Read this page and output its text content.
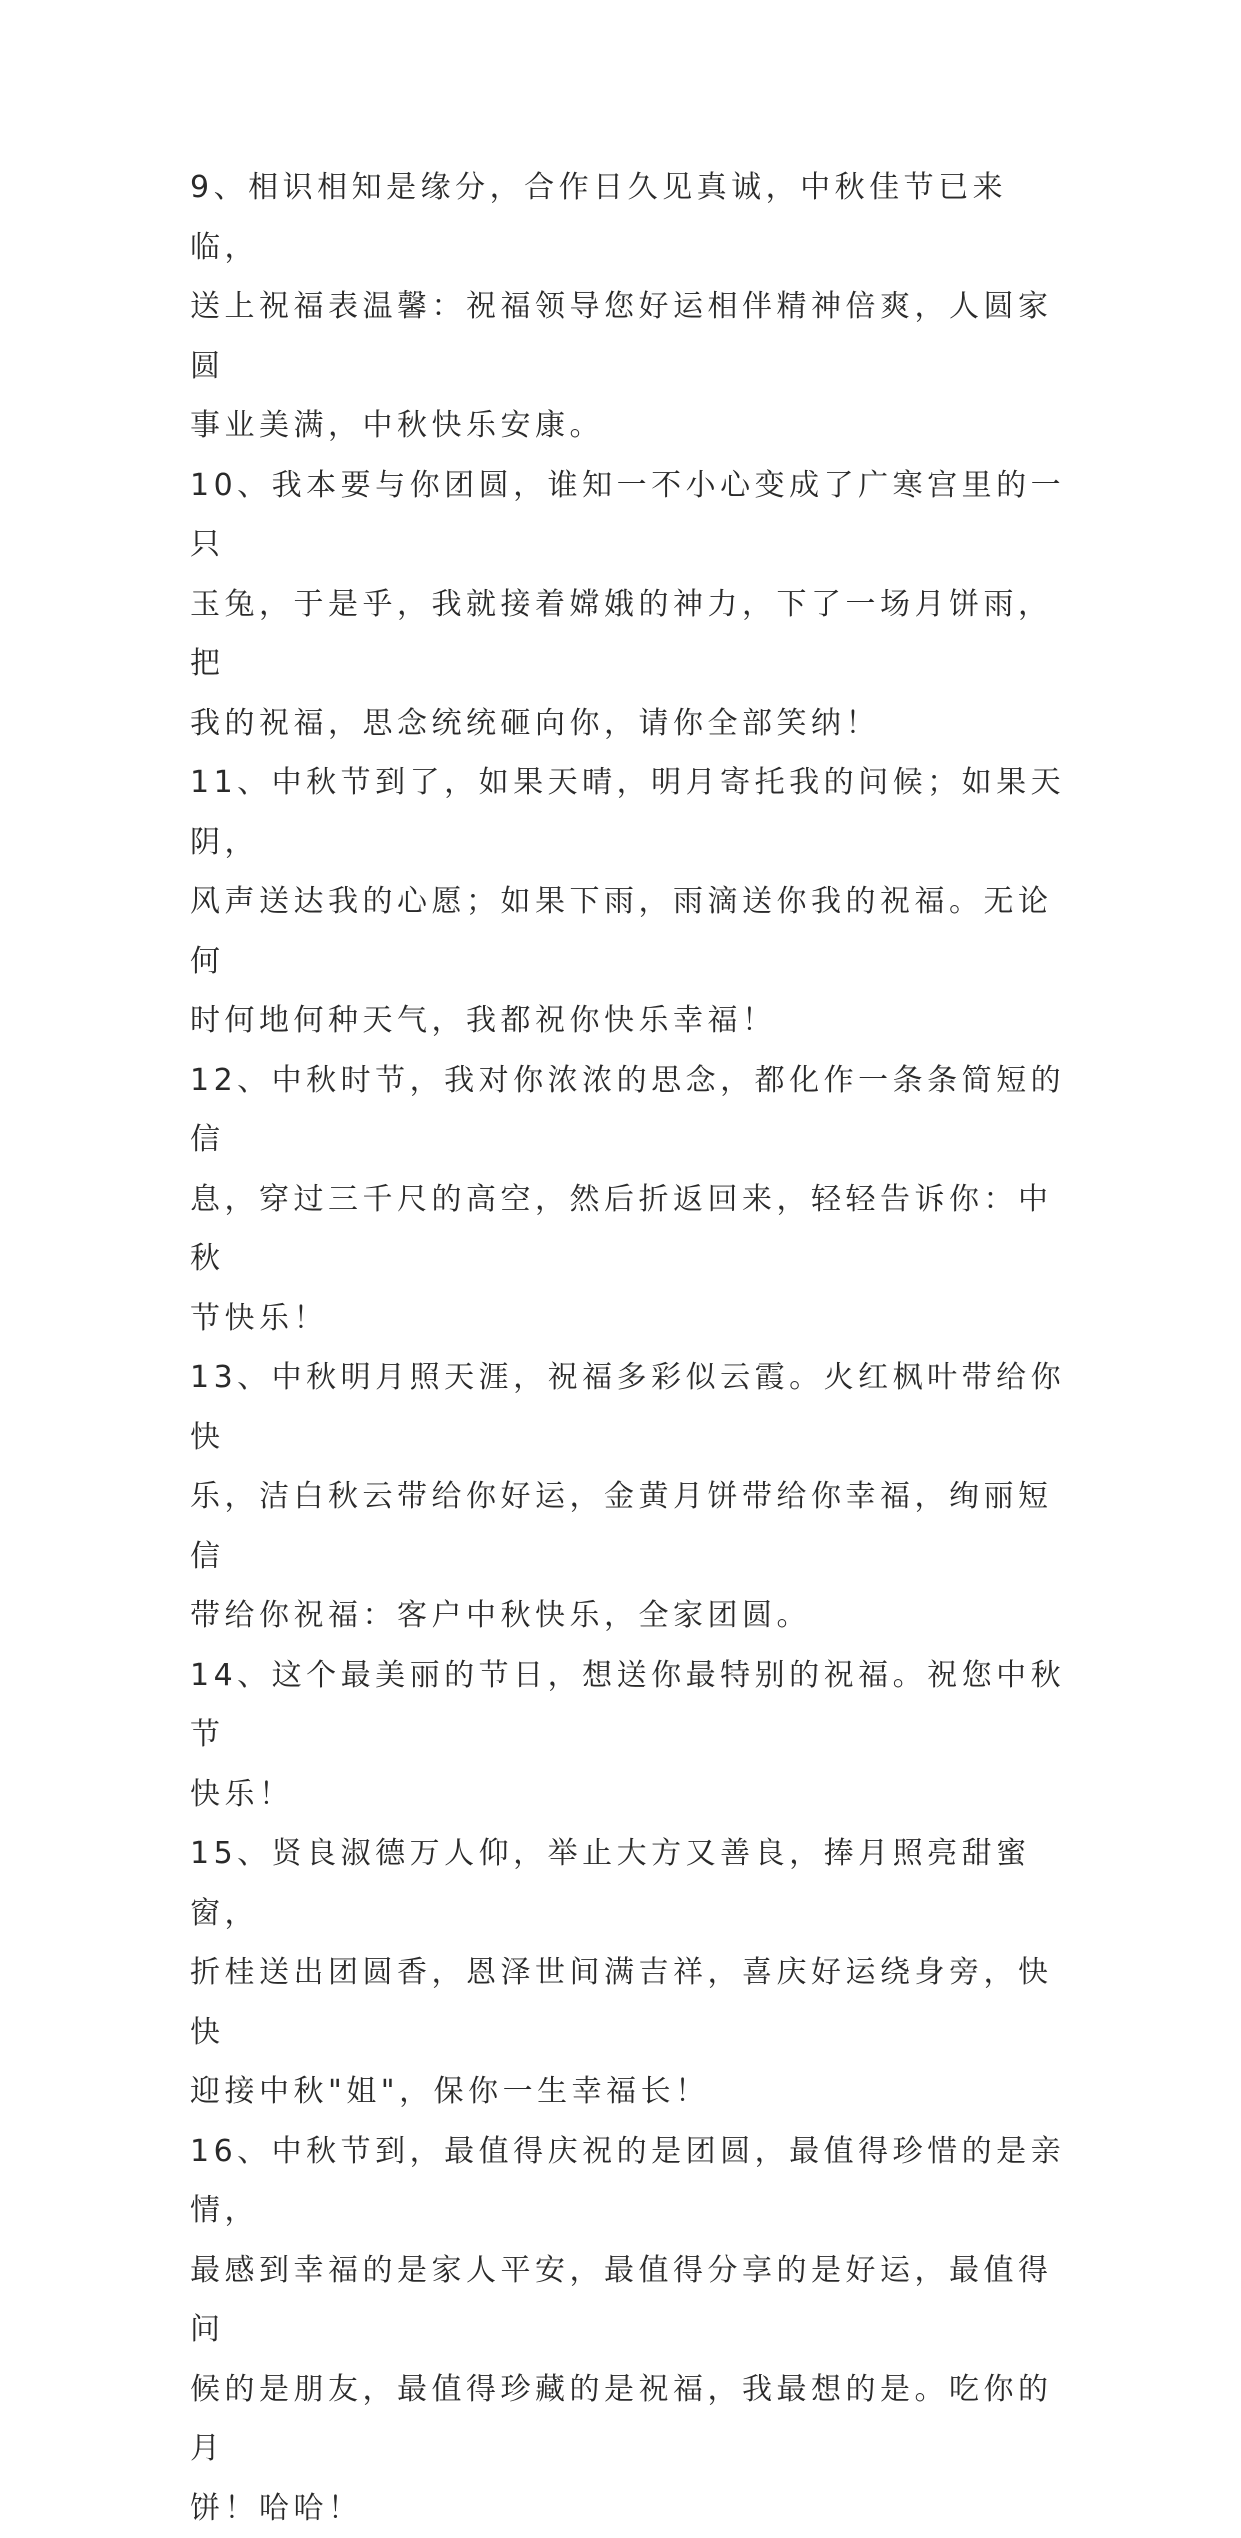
9、相识相知是缘分，合作日久见真诚，中秋佳节已来临，
送上祝福表温馨：祝福领导您好运相伴精神倍爽，人圆家圆
事业美满，中秋快乐安康。

10、我本要与你团圆，谁知一不小心变成了广寒宫里的一只
玉兔，于是乎，我就接着嫦娥的神力，下了一场月饼雨，把
我的祝福，思念统统砸向你，请你全部笑纳！

11、中秋节到了，如果天晴，明月寄托我的问候；如果天阴，
风声送达我的心愿；如果下雨，雨滴送你我的祝福。无论何
时何地何种天气，我都祝你快乐幸福！

12、中秋时节，我对你浓浓的思念，都化作一条条简短的信
息，穿过三千尺的高空，然后折返回来，轻轻告诉你：中秋
节快乐！

13、中秋明月照天涯，祝福多彩似云霞。火红枫叶带给你快
乐，洁白秋云带给你好运，金黄月饼带给你幸福，绚丽短信
带给你祝福：客户中秋快乐，全家团圆。

14、这个最美丽的节日，想送你最特别的祝福。祝您中秋节
快乐！

15、贤良淑德万人仰，举止大方又善良，捧月照亮甜蜜窗，
折桂送出团圆香，恩泽世间满吉祥，喜庆好运绕身旁，快快
迎接中秋"姐"，保你一生幸福长！

16、中秋节到，最值得庆祝的是团圆，最值得珍惜的是亲情，
最感到幸福的是家人平安，最值得分享的是好运，最值得问
候的是朋友，最值得珍藏的是祝福，我最想的是。吃你的月
饼！哈哈！
